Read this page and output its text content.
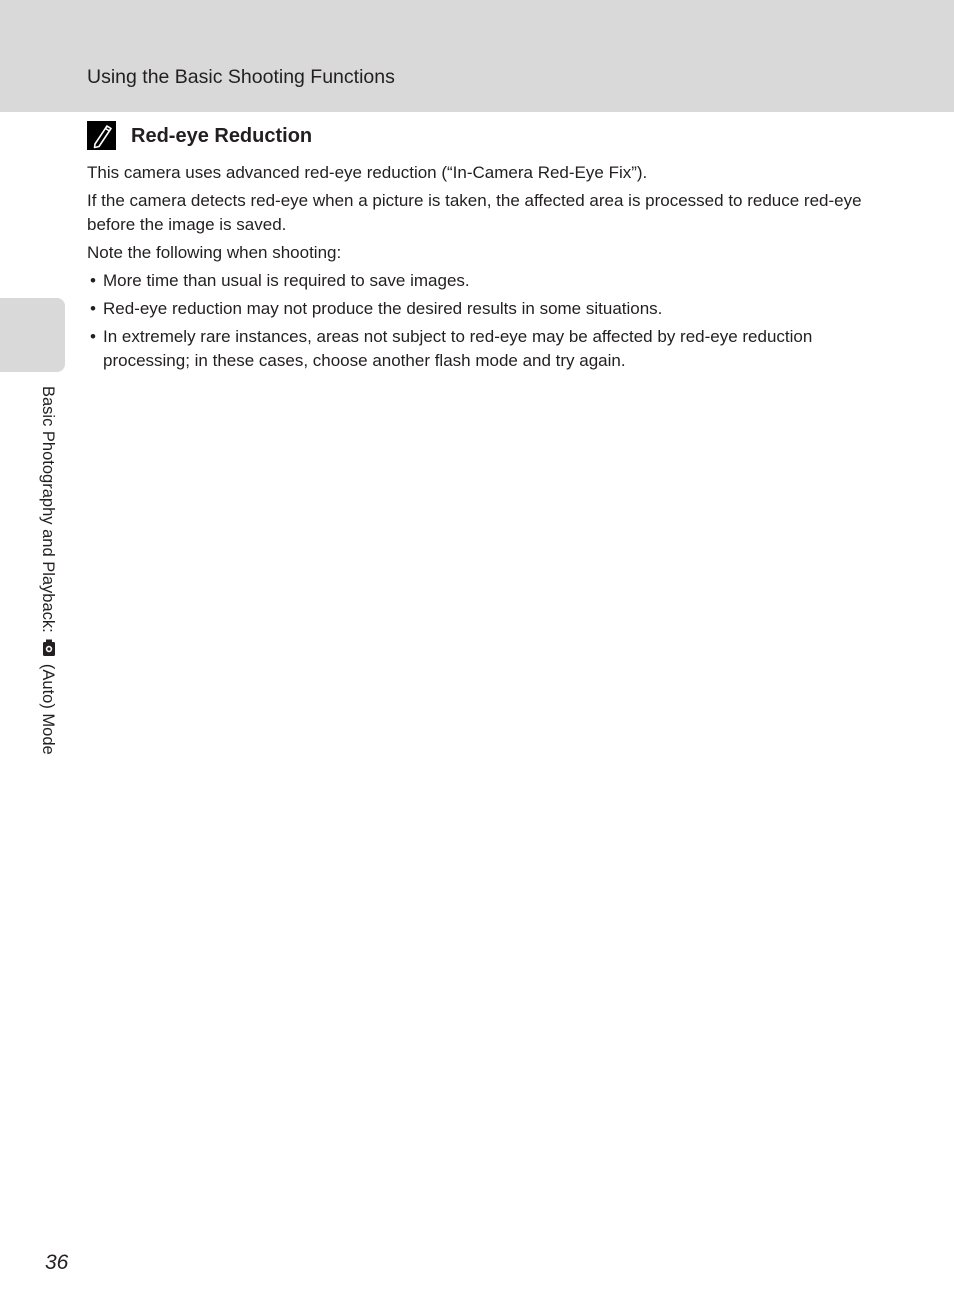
Using the Basic Shooting Functions
Basic Photography and Playback:  (Auto) Mode
Red-eye Reduction

This camera uses advanced red-eye reduction (“In-Camera Red-Eye Fix”).

If the camera detects red-eye when a picture is taken, the affected area is processed to reduce red-eye before the image is saved.

Note the following when shooting:

• More time than usual is required to save images.
• Red-eye reduction may not produce the desired results in some situations.
• In extremely rare instances, areas not subject to red-eye may be affected by red-eye reduction processing; in these cases, choose another flash mode and try again.
36
